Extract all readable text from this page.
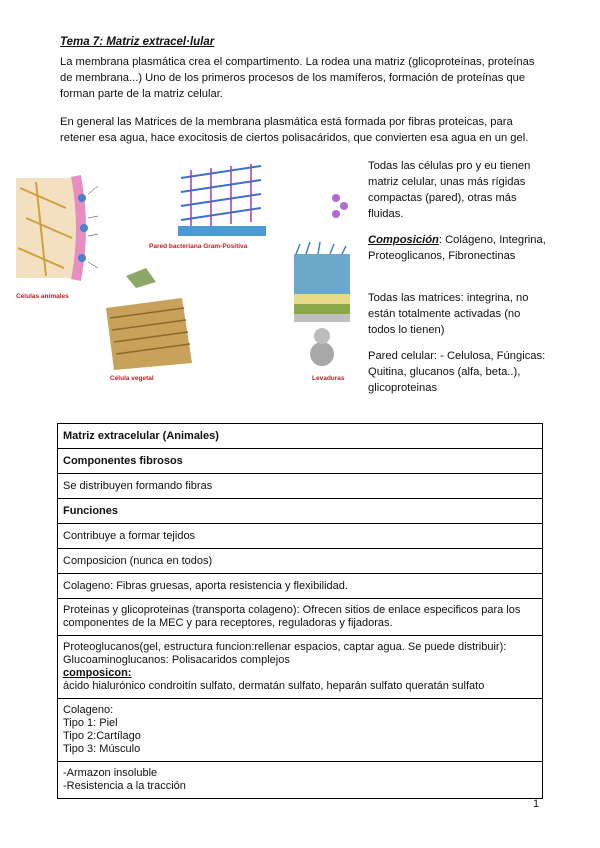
Tema 7: Matriz extracel·lular
La membrana plasmática crea el compartimento. La rodea una matriz (glicoproteínas, proteínas de membrana...) Uno de los primeros procesos de los mamíferos, formación de proteínas que forman parte de la matriz celular.
En general las Matrices de la membrana plasmática está formada por fibras proteicas, para retener esa agua, hace exocitosis de ciertos polisacáridos, que convierten esa agua en un gel.
Células animales
Pared bacteriana Gram-Positiva
Célula vegetal	Levaduras
Todas las células pro y eu tienen matriz celular, unas más rígidas compactas (pared), otras más fluidas.
Composición: Colágeno, Integrina, Proteoglicanos, Fibronectinas
Todas las matrices: integrina, no están totalmente activadas (no todos lo tienen)
Pared celular: - Celulosa, Fúngicas: Quitina, glucanos (alfa, beta..), glicoproteinas
Matriz extracelular (Animales)
Componentes fibrosos
Se distribuyen formando fibras
Funciones
Contribuye a formar tejidos
Composicion (nunca en todos)
Colageno: Fibras gruesas, aporta resistencia y flexibilidad.
Proteinas y glicoproteinas (transporta colageno): Ofrecen sitios de enlace especificos para los componentes de la MEC y para receptores, reguladoras y fijadoras.

Proteoglucanos(gel, estructura funcion:rellenar espacios, captar agua. Se puede distribuir):
Glucoaminoglucanos: Polisacaridos complejos
composicon:
ácido hialurónico condroitín sulfato, dermatán sulfato, heparán sulfato queratán sulfato

Colageno:
Tipo 1: Piel
Tipo 2:Cartílago
Tipo 3: Músculo

-Armazon insoluble
-Resistencia a la tracción
1
